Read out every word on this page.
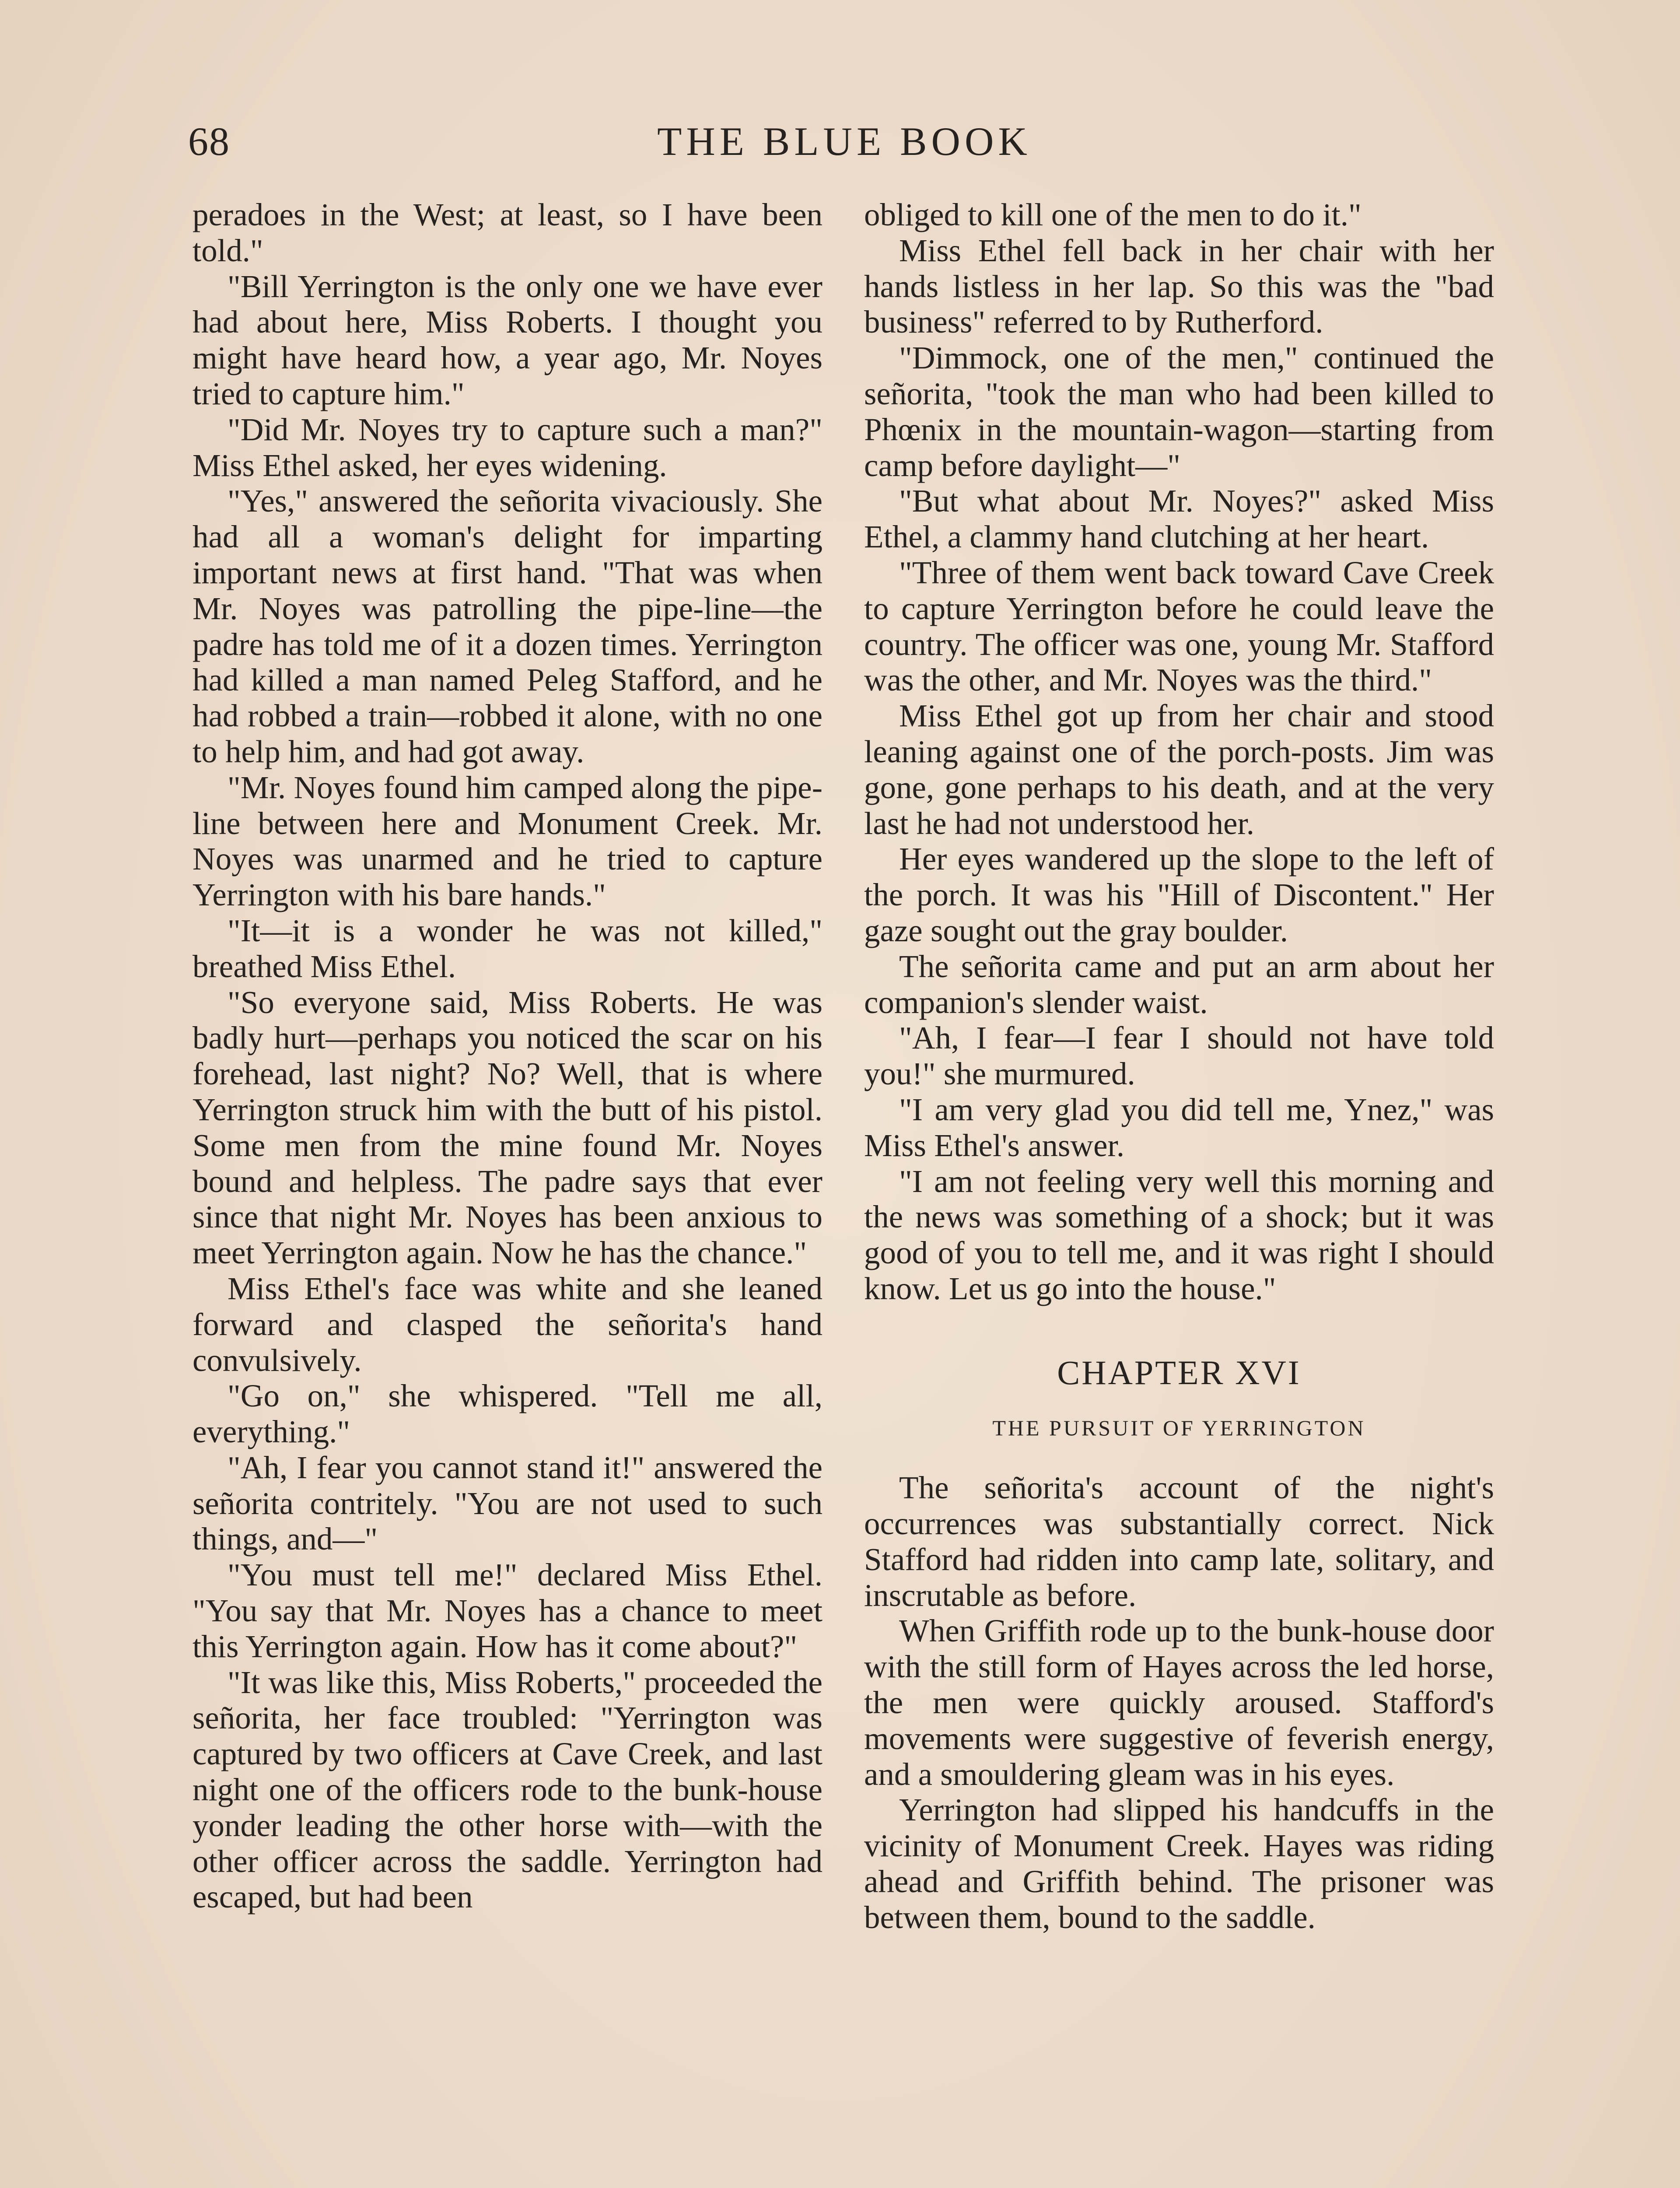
68	THE BLUE BOOK

peradoes in the West; at least, so I have been told."

"Bill Yerrington is the only one we have ever had about here, Miss Roberts. I thought you might have heard how, a year ago, Mr. Noyes tried to capture him."

"Did Mr. Noyes try to capture such a man?" Miss Ethel asked, her eyes widening.

"Yes," answered the señorita vivaciously. She had all a woman's delight for imparting important news at first hand. "That was when Mr. Noyes was patrolling the pipe-line—the padre has told me of it a dozen times. Yerrington had killed a man named Peleg Stafford, and he had robbed a train—robbed it alone, with no one to help him, and had got away.

"Mr. Noyes found him camped along the pipe-line between here and Monument Creek. Mr. Noyes was unarmed and he tried to capture Yerrington with his bare hands."

"It—it is a wonder he was not killed," breathed Miss Ethel.

"So everyone said, Miss Roberts. He was badly hurt—perhaps you noticed the scar on his forehead, last night? No? Well, that is where Yerrington struck him with the butt of his pistol. Some men from the mine found Mr. Noyes bound and helpless. The padre says that ever since that night Mr. Noyes has been anxious to meet Yerrington again. Now he has the chance."

Miss Ethel's face was white and she leaned forward and clasped the señorita's hand convulsively.

"Go on," she whispered. "Tell me all, everything."

"Ah, I fear you cannot stand it!" answered the señorita contritely. "You are not used to such things, and—"

"You must tell me!" declared Miss Ethel. "You say that Mr. Noyes has a chance to meet this Yerrington again. How has it come about?"

"It was like this, Miss Roberts," proceeded the señorita, her face troubled: "Yerrington was captured by two officers at Cave Creek, and last night one of the officers rode to the bunk-house yonder leading the other horse with—with the other officer across the saddle. Yerrington had escaped, but had been

obliged to kill one of the men to do it."

Miss Ethel fell back in her chair with her hands listless in her lap. So this was the "bad business" referred to by Rutherford.

"Dimmock, one of the men," continued the señorita, "took the man who had been killed to Phœnix in the mountain-wagon—starting from camp before daylight—"

"But what about Mr. Noyes?" asked Miss Ethel, a clammy hand clutching at her heart.

"Three of them went back toward Cave Creek to capture Yerrington before he could leave the country. The officer was one, young Mr. Stafford was the other, and Mr. Noyes was the third."

Miss Ethel got up from her chair and stood leaning against one of the porch-posts. Jim was gone, gone perhaps to his death, and at the very last he had not understood her.

Her eyes wandered up the slope to the left of the porch. It was his "Hill of Discontent." Her gaze sought out the gray boulder.

The señorita came and put an arm about her companion's slender waist.

"Ah, I fear—I fear I should not have told you!" she murmured.

"I am very glad you did tell me, Ynez," was Miss Ethel's answer.

"I am not feeling very well this morning and the news was something of a shock; but it was good of you to tell me, and it was right I should know. Let us go into the house."

CHAPTER XVI
THE PURSUIT OF YERRINGTON

The señorita's account of the night's occurrences was substantially correct. Nick Stafford had ridden into camp late, solitary, and inscrutable as before.

When Griffith rode up to the bunk-house door with the still form of Hayes across the led horse, the men were quickly aroused. Stafford's movements were suggestive of feverish energy, and a smouldering gleam was in his eyes.

Yerrington had slipped his handcuffs in the vicinity of Monument Creek. Hayes was riding ahead and Griffith behind. The prisoner was between them, bound to the saddle.
